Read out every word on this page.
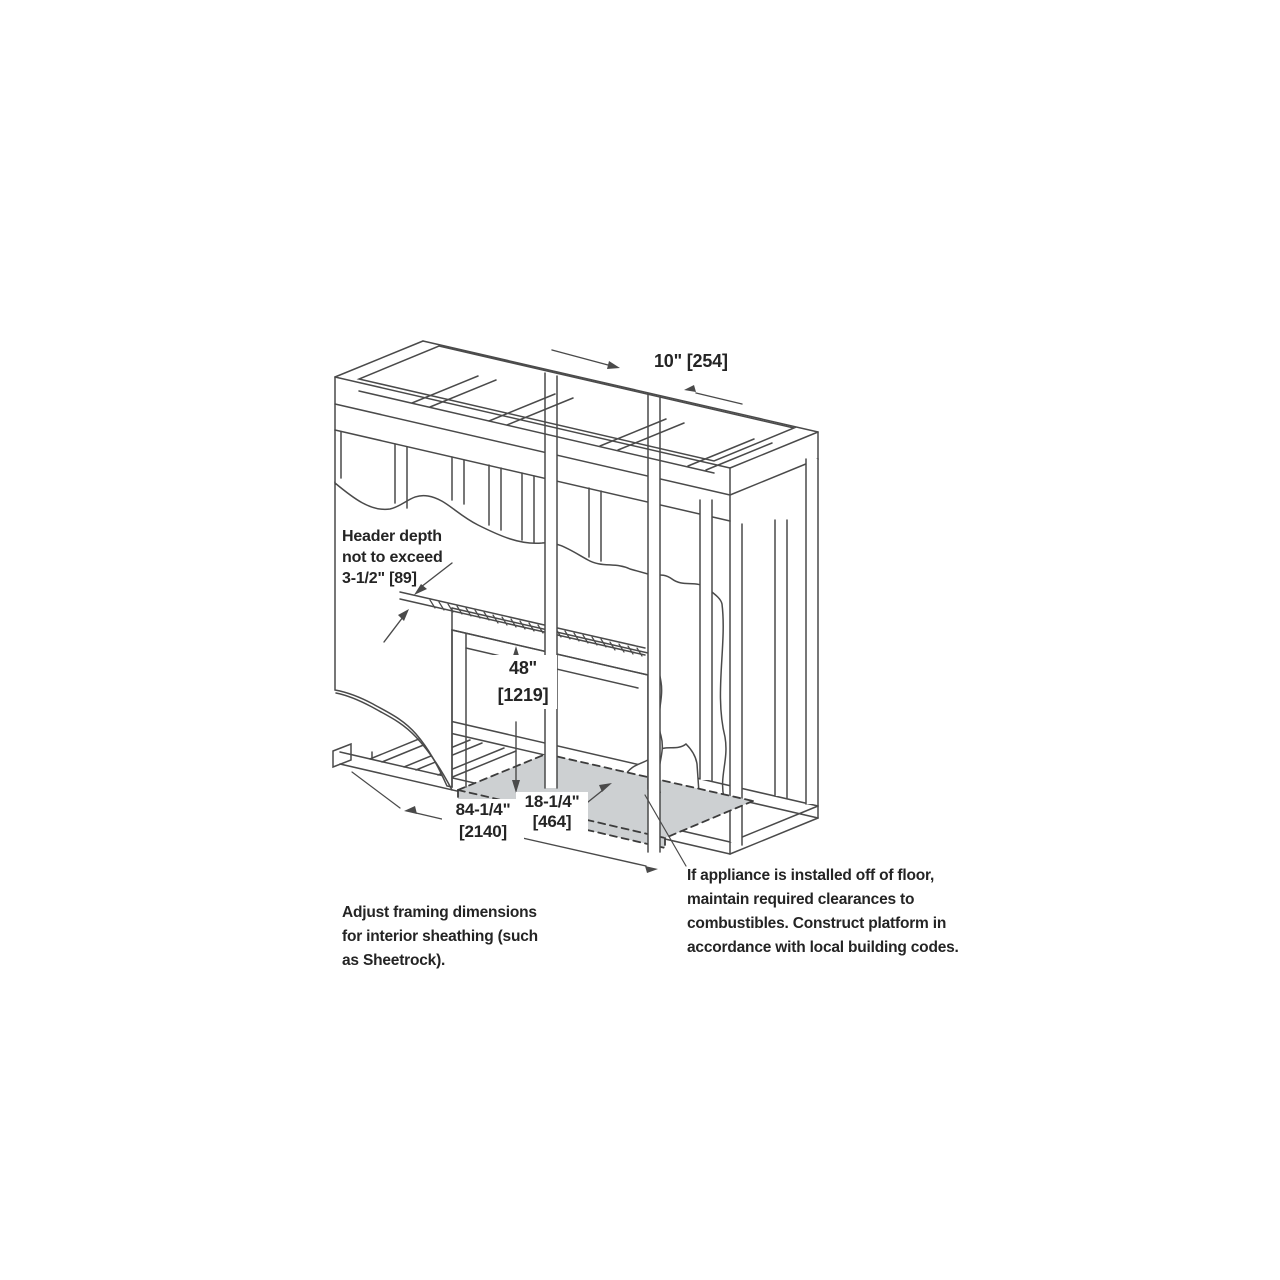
10" [254]
Header depth
not to exceed
3-1/2" [89]
48"
[1219]
84-1/4"
[2140]
18-1/4"
[464]
Adjust framing dimensions
for interior sheathing (such
as Sheetrock).
If appliance is installed off of floor,
maintain required clearances to
combustibles. Construct platform in
accordance with local building codes.
